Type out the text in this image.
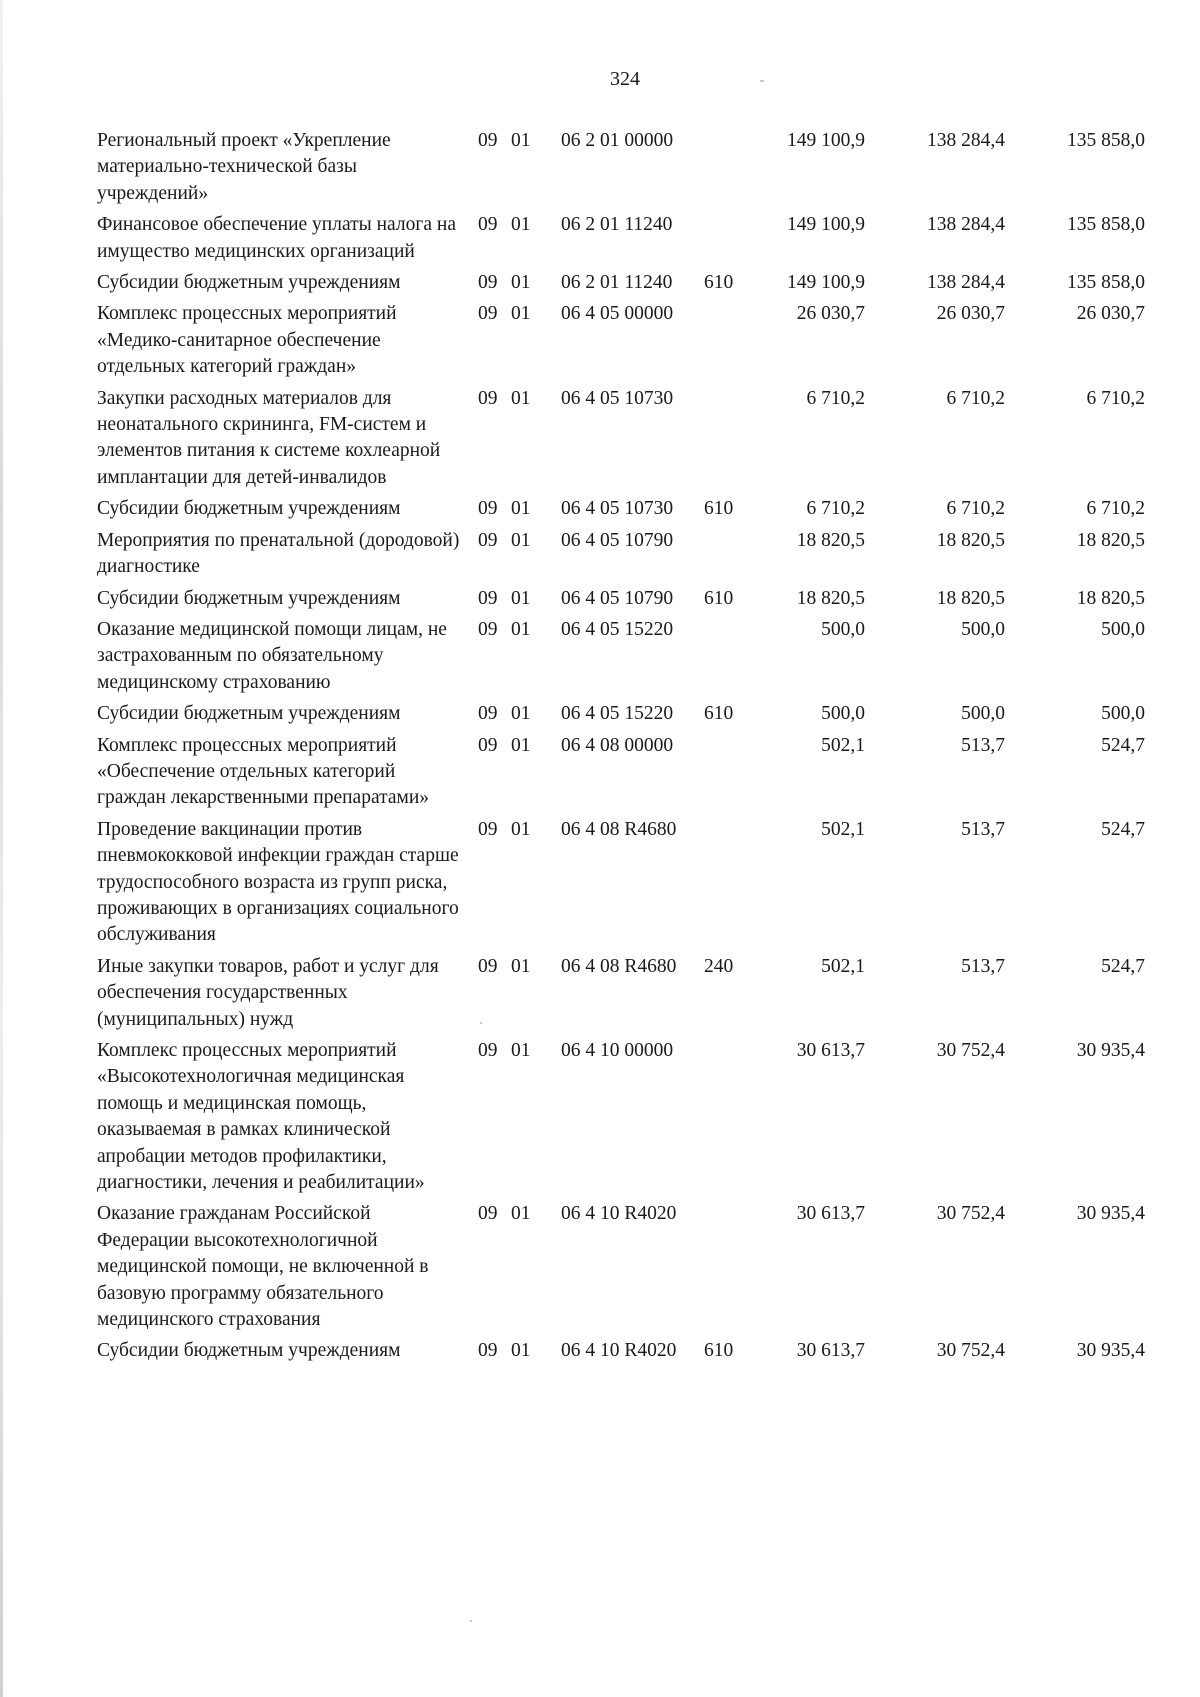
324
Региональный проект «Укрепление материально-технической базы учреждений»
09 01	06 2 01 00000	149 100,9	138 284,4	135 858,0
Финансовое обеспечение уплаты налога на имущество медицинских организаций
09 01	06 2 01 11240	149 100,9	138 284,4	135 858,0
Субсидии бюджетным учреждениям	09 01	06 2 01 11240	610	149 100,9	138 284,4	135 858,0
Комплекс процессных мероприятий «Медико-санитарное обеспечение отдельных категорий граждан»
09 01	06 4 05 00000	26 030,7	26 030,7	26 030,7
Закупки расходных материалов для неонатального скрининга, FM-систем и элементов питания к системе кохлеарной имплантации для детей-инвалидов
09 01	06 4 05 10730	6 710,2	6 710,2	6 710,2
Субсидии бюджетным учреждениям	09 01	06 4 05 10730	610	6 710,2	6 710,2	6 710,2
Мероприятия по пренатальной (дородовой) диагностике
09 01	06 4 05 10790	18 820,5	18 820,5	18 820,5
Субсидии бюджетным учреждениям	09 01	06 4 05 10790	610	18 820,5	18 820,5	18 820,5
Оказание медицинской помощи лицам, не застрахованным по обязательному медицинскому страхованию
09 01	06 4 05 15220	500,0	500,0	500,0
Субсидии бюджетным учреждениям	09 01	06 4 05 15220	610	500,0	500,0	500,0
Комплекс процессных мероприятий «Обеспечение отдельных категорий граждан лекарственными препаратами»
09 01	06 4 08 00000	502,1	513,7	524,7
Проведение вакцинации против пневмококковой инфекции граждан старше трудоспособного возраста из групп риска, проживающих в организациях социального обслуживания
09 01	06 4 08 R4680	502,1	513,7	524,7
Иные закупки товаров, работ и услуг для обеспечения государственных (муниципальных) нужд
09 01	06 4 08 R4680	240	502,1	513,7	524,7
Комплекс процессных мероприятий «Высокотехнологичная медицинская помощь и медицинская помощь, оказываемая в рамках клинической апробации методов профилактики, диагностики, лечения и реабилитации»
09 01	06 4 10 00000	30 613,7	30 752,4	30 935,4
Оказание гражданам Российской Федерации высокотехнологичной медицинской помощи, не включенной в базовую программу обязательного медицинского страхования
09 01	06 4 10 R4020	30 613,7	30 752,4	30 935,4
Субсидии бюджетным учреждениям	09 01	06 4 10 R4020	610	30 613,7	30 752,4	30 935,4
